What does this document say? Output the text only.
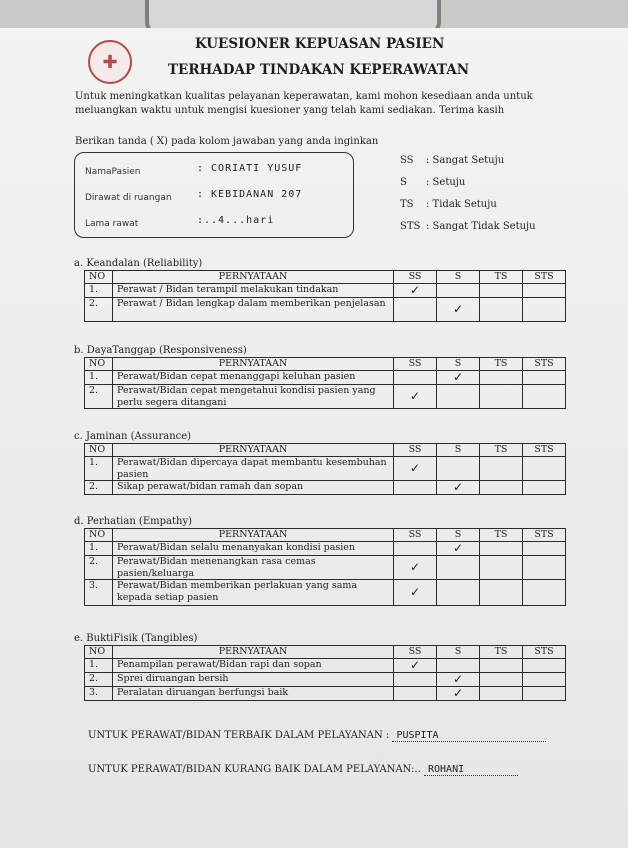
✚
KUESIONER KEPUASAN PASIEN
TERHADAP TINDAKAN KEPERAWATAN
Untuk meningkatkan kualitas pelayanan keperawatan, kami mohon kesediaan anda untuk
meluangkan waktu untuk mengisi kuesioner yang telah kami sediakan. Terima kasih
Berikan tanda ( X) pada kolom jawaban yang anda inginkan
NamaPasien	: CORIATI YUSUF
Dirawat di ruangan	: KEBIDANAN 207
Lama rawat	:..4...hari
SS : Sangat Setuju
S : Setuju
TS : Tidak Setuju
STS : Sangat Tidak Setuju
a. Keandalan (Reliability)
NO	PERNYATAAN	SS	S	TS	STS
1.	Perawat / Bidan terampil melakukan tindakan	✓			
2.	Perawat / Bidan lengkap dalam memberikan penjelasan		✓		
b. DayaTanggap (Responsiveness)
NO	PERNYATAAN	SS	S	TS	STS
1.	Perawat/Bidan cepat menanggapi keluhan pasien		✓		
2.	Perawat/Bidan cepat mengetahui kondisi pasien yang perlu segera ditangani	✓			
c. Jaminan (Assurance)
NO	PERNYATAAN	SS	S	TS	STS
1.	Perawat/Bidan dipercaya dapat membantu kesembuhan pasien	✓			
2.	Sikap perawat/bidan ramah dan sopan		✓		
d. Perhatian (Empathy)
NO	PERNYATAAN	SS	S	TS	STS
1.	Perawat/Bidan selalu menanyakan kondisi pasien		✓		
2.	Perawat/Bidan menenangkan rasa cemas pasien/keluarga	✓			
3.	Perawat/Bidan memberikan perlakuan yang sama kepada setiap pasien	✓			
e. BuktiFisik (Tangibles)
NO	PERNYATAAN	SS	S	TS	STS
1.	Penampilan perawat/Bidan rapi dan sopan	✓			
2.	Sprei diruangan bersih		✓		
3.	Peralatan diruangan berfungsi baik		✓		
UNTUK PERAWAT/BIDAN TERBAIK DALAM PELAYANAN : PUSPITA
UNTUK PERAWAT/BIDAN KURANG BAIK DALAM PELAYANAN:.. ROHANI
